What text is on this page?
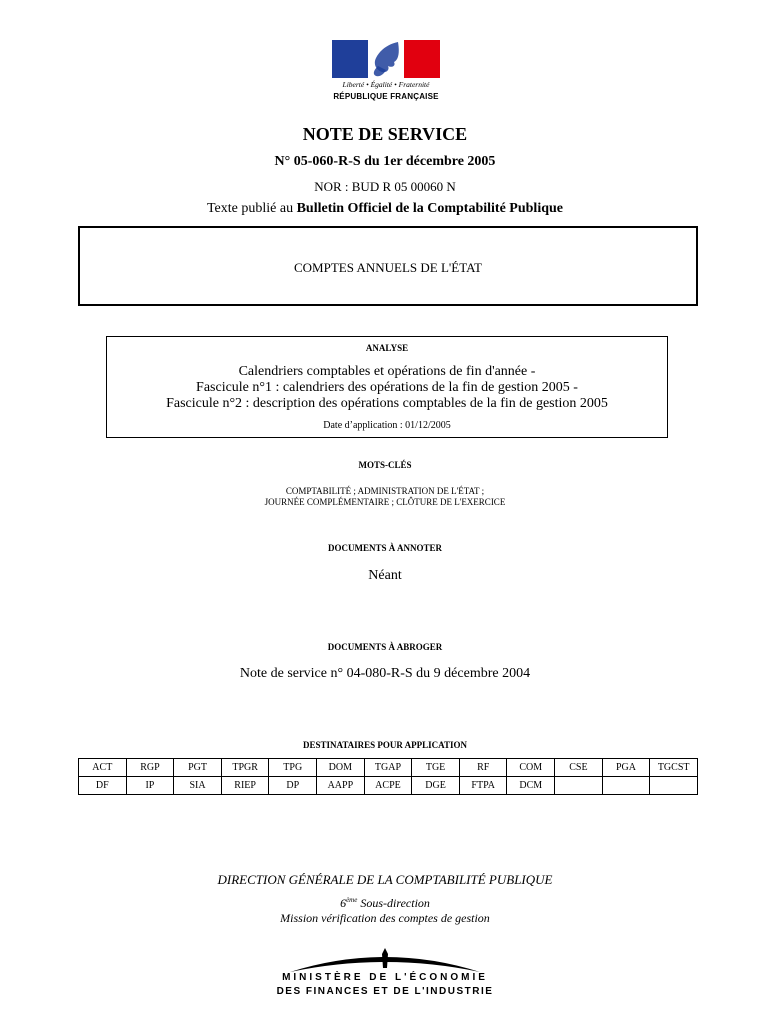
Liberté • Égalité • Fraternité
RÉPUBLIQUE FRANÇAISE
NOTE DE SERVICE
N° 05-060-R-S du 1er décembre 2005
NOR : BUD R 05 00060 N
Texte publié au Bulletin Officiel de la Comptabilité Publique
COMPTES ANNUELS DE L'ÉTAT
ANALYSE
Calendriers comptables et opérations de fin d'année -
Fascicule n°1 : calendriers des opérations de la fin de gestion 2005 -
Fascicule n°2 : description des opérations comptables de la fin de gestion 2005
Date d’application : 01/12/2005
MOTS-CLÉS
COMPTABILITÉ ; ADMINISTRATION DE L'ÉTAT ;
JOURNÉE COMPLÉMENTAIRE ; CLÔTURE DE L'EXERCICE
DOCUMENTS À ANNOTER
Néant
DOCUMENTS À ABROGER
Note de service n° 04-080-R-S du 9 décembre 2004
DESTINATAIRES POUR APPLICATION
ACT	RGP	PGT	TPGR	TPG	DOM	TGAP	TGE	RF	COM	CSE	PGA	TGCST
DF	IP	SIA	RIEP	DP	AAPP	ACPE	DGE	FTPA	DCM			
DIRECTION GÉNÉRALE DE LA COMPTABILITÉ PUBLIQUE
6ème Sous-direction
Mission vérification des comptes de gestion
MINISTÈRE DE L'ÉCONOMIE
DES FINANCES ET DE L'INDUSTRIE
